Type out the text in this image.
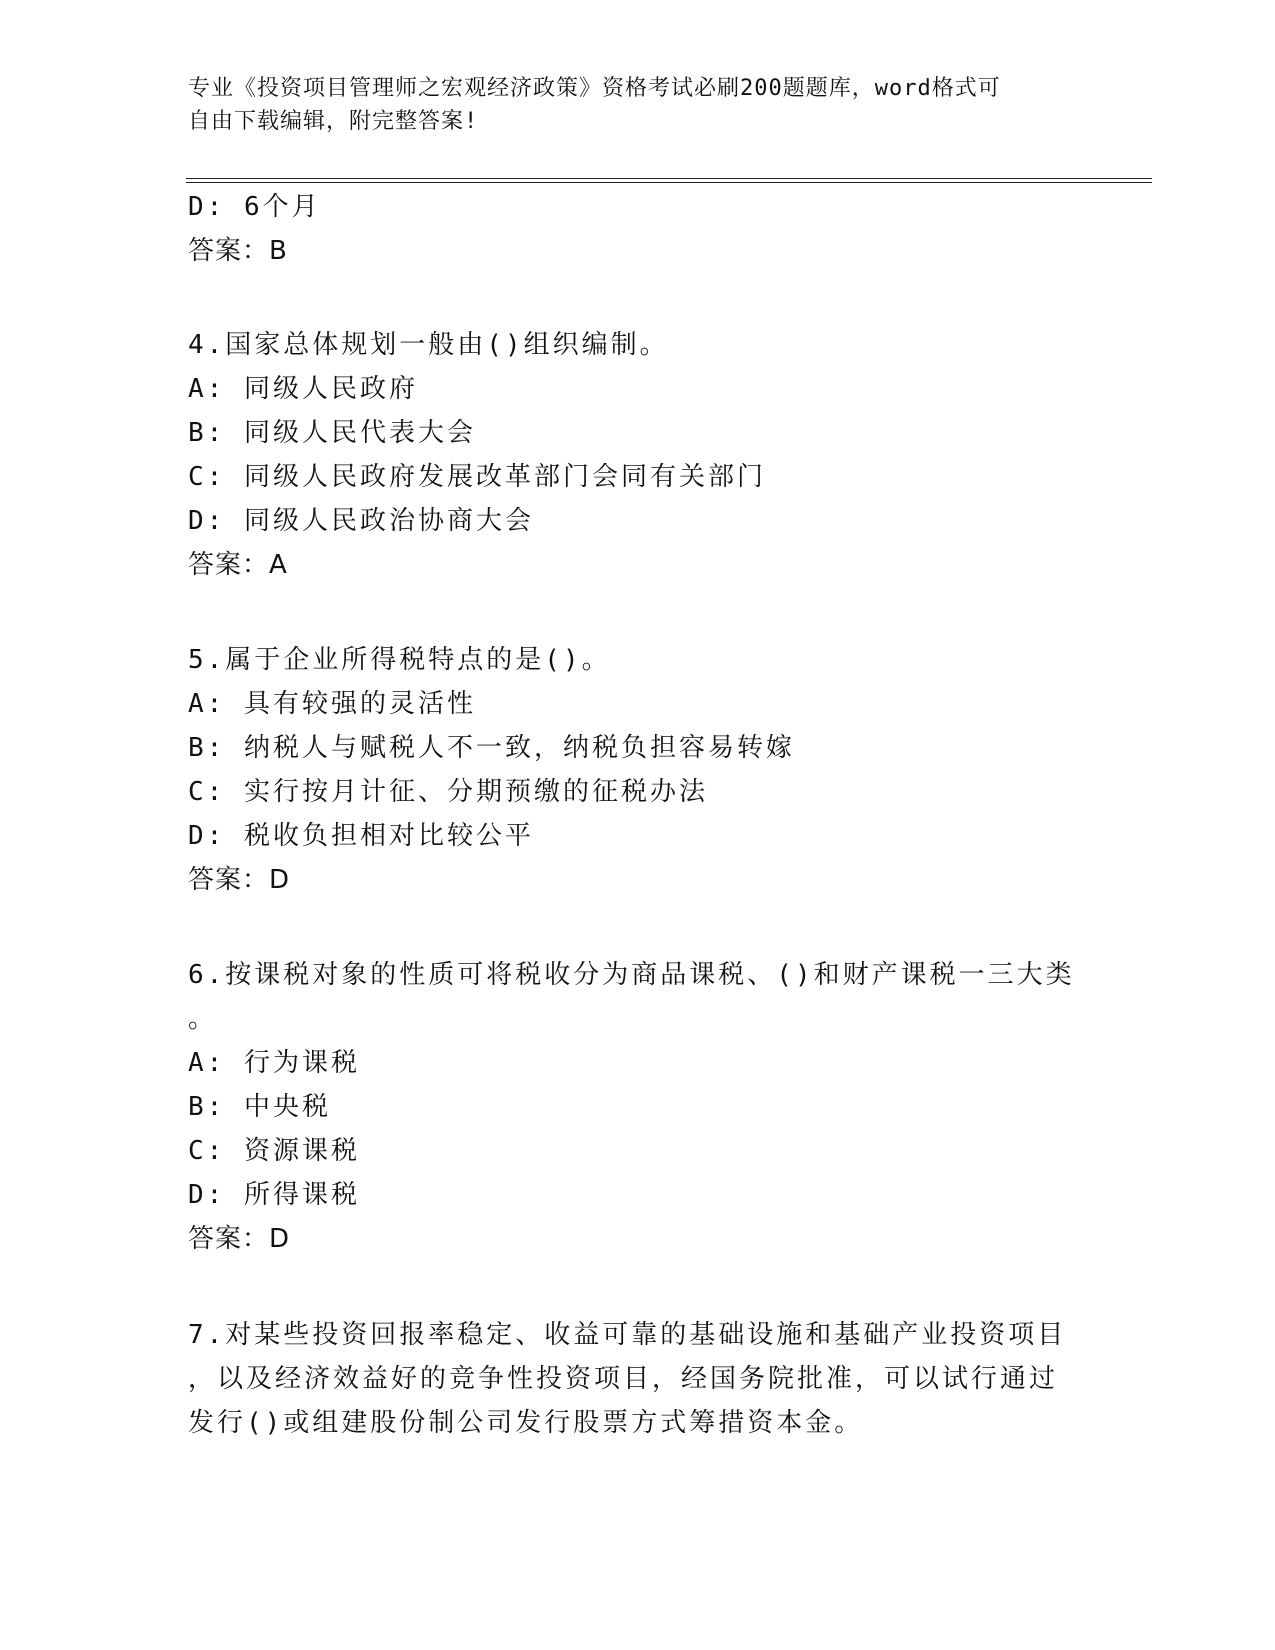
专业《投资项目管理师之宏观经济政策》资格考试必刷200题题库，word格式可
自由下载编辑，附完整答案!
D: 6个月
答案：B
4.国家总体规划一般由()组织编制。
A: 同级人民政府
B: 同级人民代表大会
C: 同级人民政府发展改革部门会同有关部门
D: 同级人民政治协商大会
答案：A
5.属于企业所得税特点的是()。
A: 具有较强的灵活性
B: 纳税人与赋税人不一致，纳税负担容易转嫁
C: 实行按月计征、分期预缴的征税办法
D: 税收负担相对比较公平
答案：D
6.按课税对象的性质可将税收分为商品课税、()和财产课税一三大类
。
A: 行为课税
B: 中央税
C: 资源课税
D: 所得课税
答案：D
7.对某些投资回报率稳定、收益可靠的基础设施和基础产业投资项目
，以及经济效益好的竞争性投资项目，经国务院批准，可以试行通过
发行()或组建股份制公司发行股票方式筹措资本金。
